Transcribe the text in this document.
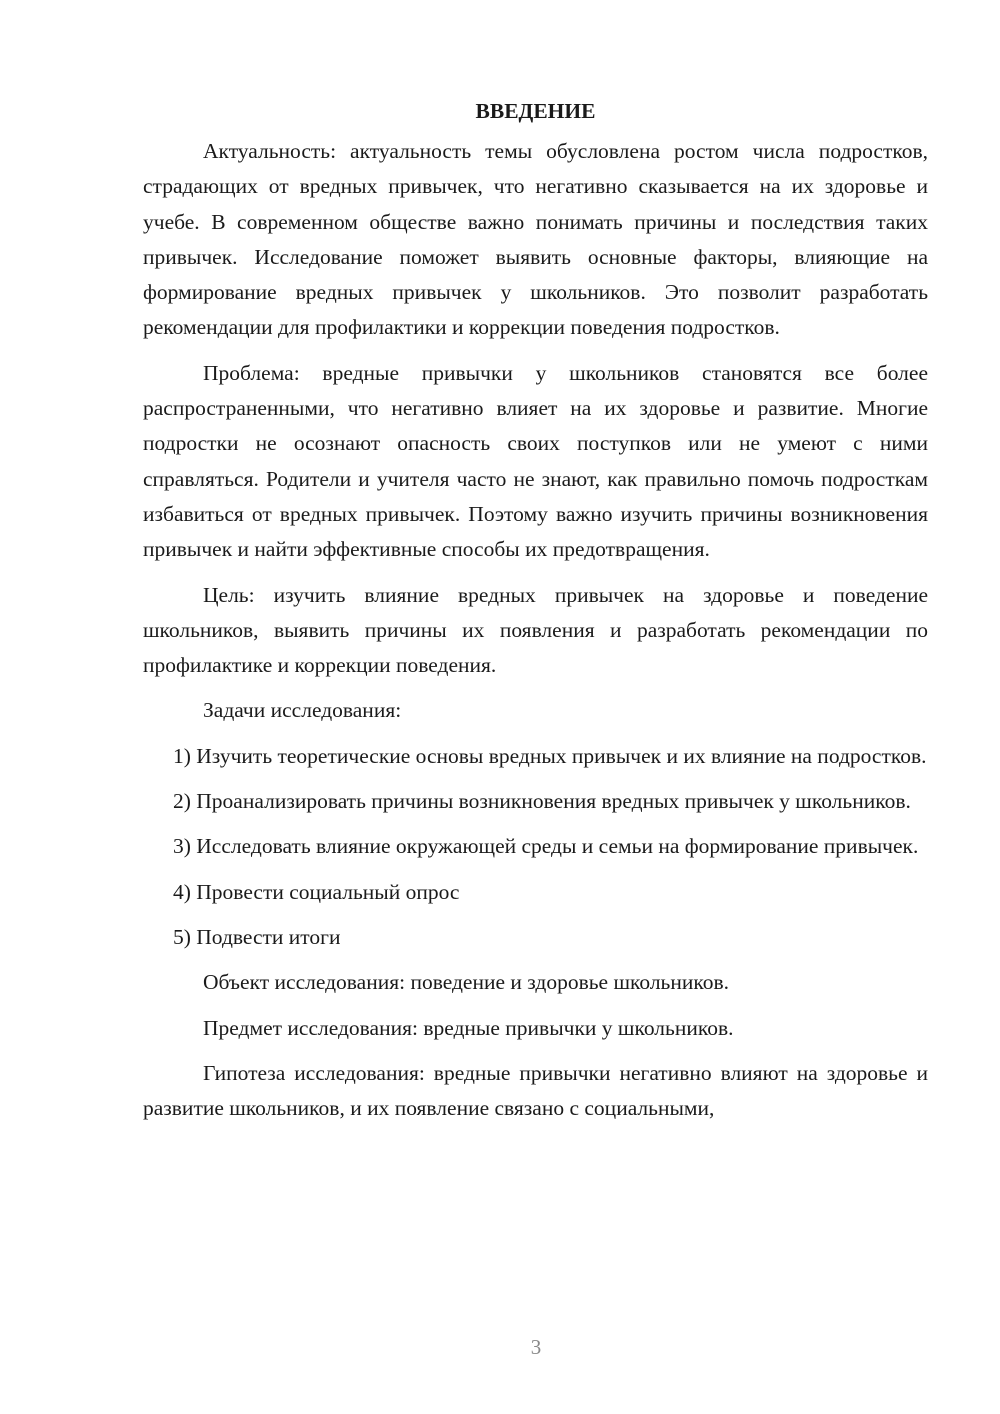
ВВЕДЕНИЕ

Актуальность: актуальность темы обусловлена ростом числа подростков, страдающих от вредных привычек, что негативно сказывается на их здоровье и учебе. В современном обществе важно понимать причины и последствия таких привычек. Исследование поможет выявить основные факторы, влияющие на формирование вредных привычек у школьников. Это позволит разработать рекомендации для профилактики и коррекции поведения подростков.

Проблема: вредные привычки у школьников становятся все более распространенными, что негативно влияет на их здоровье и развитие. Многие подростки не осознают опасность своих поступков или не умеют с ними справляться. Родители и учителя часто не знают, как правильно помочь подросткам избавиться от вредных привычек. Поэтому важно изучить причины возникновения привычек и найти эффективные способы их предотвращения.

Цель: изучить влияние вредных привычек на здоровье и поведение школьников, выявить причины их появления и разработать рекомендации по профилактике и коррекции поведения.

Задачи исследования:

1) Изучить теоретические основы вредных привычек и их влияние на подростков.

2) Проанализировать причины возникновения вредных привычек у школьников.

3) Исследовать влияние окружающей среды и семьи на формирование привычек.

4) Провести социальный опрос

5) Подвести итоги

Объект исследования: поведение и здоровье школьников.

Предмет исследования: вредные привычки у школьников.

Гипотеза исследования: вредные привычки негативно влияют на здоровье и развитие школьников, и их появление связано с социальными,

3
